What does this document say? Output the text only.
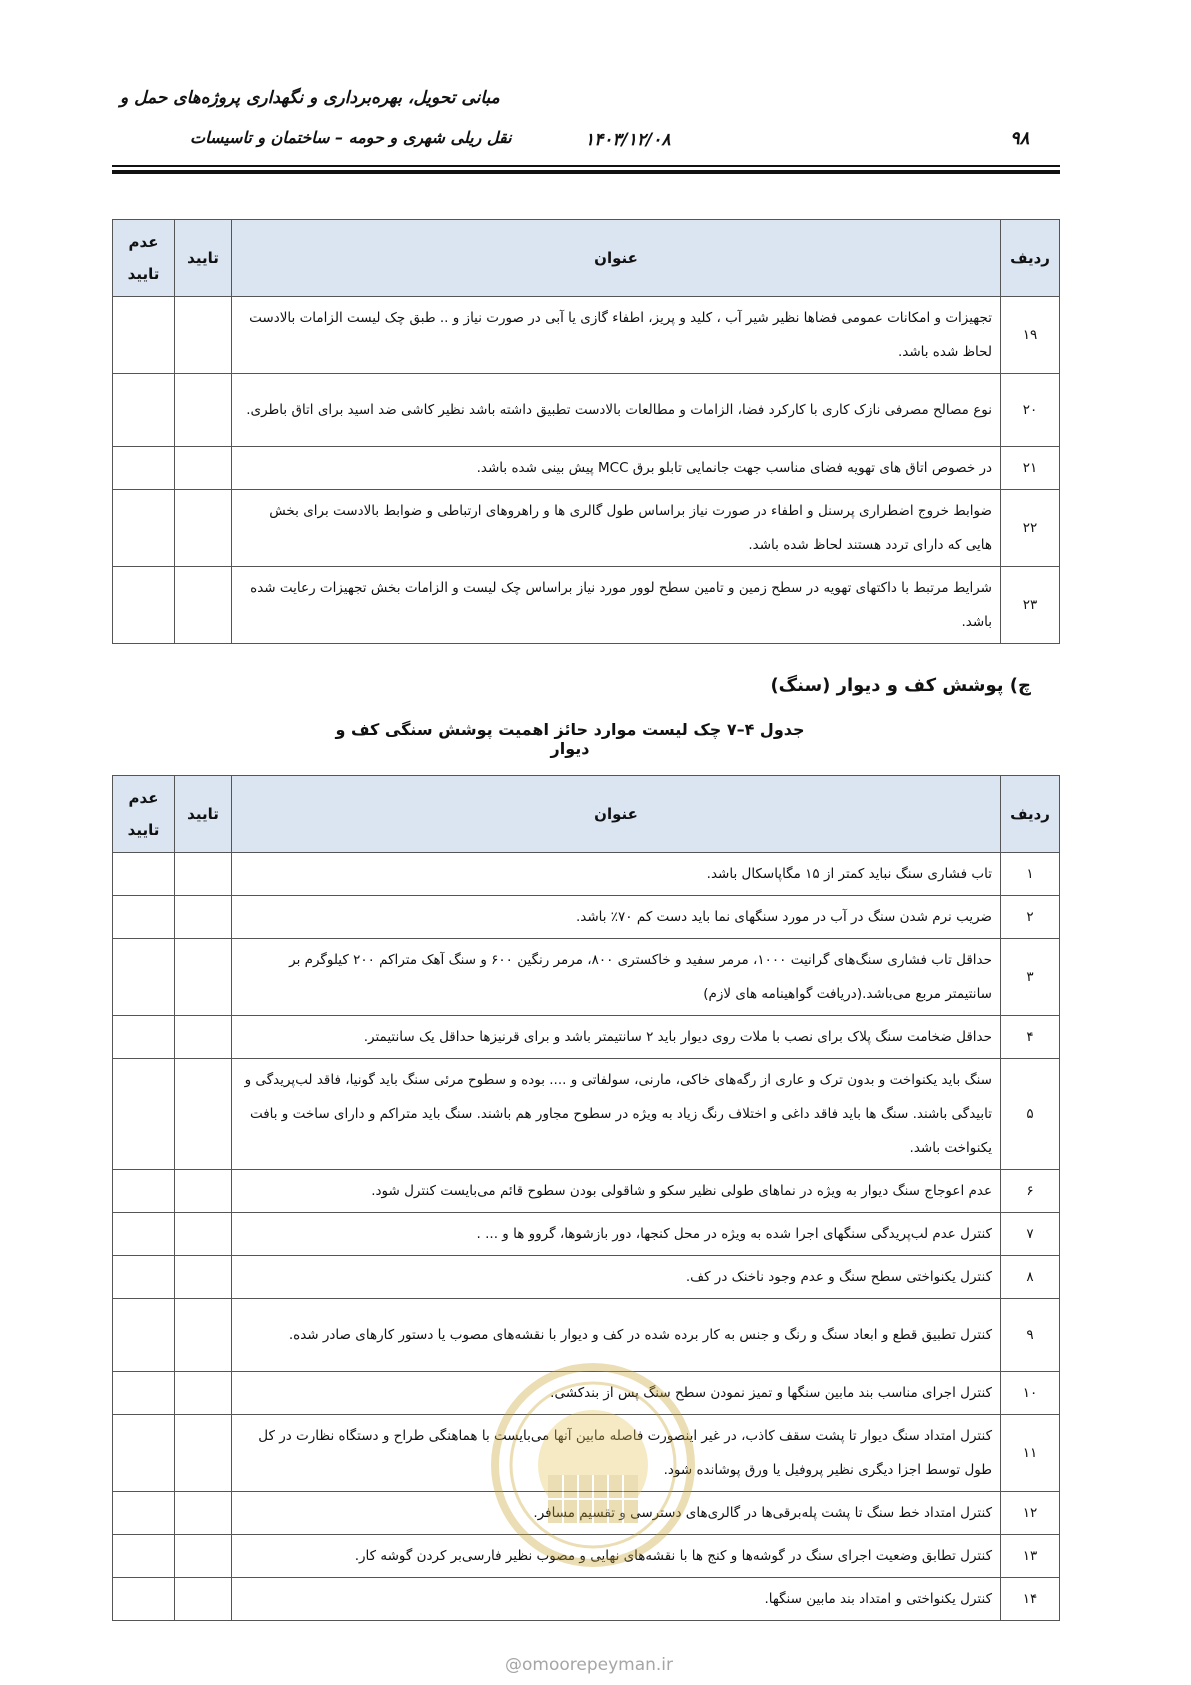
مبانی تحویل، بهره‌برداری و نگهداری پروژه‌های حمل و
نقل ریلی شهری و حومه – ساختمان و تاسیسات	۱۴۰۳/۱۲/۰۸	۹۸
ردیف	عنوان	تایید	عدم تایید
۱۹	تجهیزات و امکانات عمومی فضاها نظیر شیر آب ، کلید و پریز، اطفاء گازی یا آبی در صورت نیاز و .. طبق چک لیست الزامات بالادست لحاظ شده باشد.		
۲۰	نوع مصالح مصرفی نازک کاری با کارکرد فضا، الزامات و مطالعات بالادست تطبیق داشته باشد نظیر کاشی ضد اسید برای اتاق باطری.		
۲۱	در خصوص اتاق های تهویه فضای مناسب جهت جانمایی تابلو برق MCC پیش بینی شده باشد.		
۲۲	ضوابط خروج اضطراری پرسنل و اطفاء در صورت نیاز براساس طول گالری ها و راهروهای ارتباطی و ضوابط بالادست برای بخش هایی که دارای تردد هستند لحاظ شده باشد.		
۲۳	شرایط مرتبط با داکتهای تهویه در سطح زمین و تامین سطح لوور مورد نیاز براساس چک لیست و الزامات بخش تجهیزات رعایت شده باشد.		
چ) پوشش کف و دیوار (سنگ)
جدول ۴–۷ چک لیست موارد حائز اهمیت پوشش سنگی کف و دیوار
ردیف	عنوان	تایید	عدم تایید
۱	تاب فشاری سنگ نباید کمتر از ۱۵ مگاپاسکال باشد.		
۲	ضریب نرم شدن سنگ در آب در مورد سنگهای نما باید دست کم ۷۰٪ باشد.		
۳	حداقل تاب فشاری سنگ‌های گرانیت ۱۰۰۰، مرمر سفید و خاکستری ۸۰۰، مرمر رنگین ۶۰۰ و سنگ آهک متراکم ۲۰۰ کیلوگرم بر سانتیمتر مربع می‌باشد.(دریافت گواهینامه های لازم)		
۴	حداقل ضخامت سنگ پلاک برای نصب با ملات روی دیوار باید ۲ سانتیمتر باشد و برای قرنیزها حداقل یک سانتیمتر.		
۵	سنگ باید یکنواخت و بدون ترک و عاری از رگه‌های خاکی، مارنی، سولفاتی و .... بوده و سطوح مرئی سنگ باید گونیا، فاقد لب‌پریدگی و تابیدگی باشند. سنگ ها باید فاقد داغی و اختلاف رنگ زیاد به ویژه در سطوح مجاور هم باشند. سنگ باید متراکم و دارای ساخت و بافت یکنواخت باشد.		
۶	عدم اعوجاج سنگ دیوار به ویژه در نماهای طولی نظیر سکو و شاقولی بودن سطوح قائم می‌بایست کنترل شود.		
۷	کنترل عدم لب‌پریدگی سنگهای اجرا شده به ویژه در محل کنجها، دور بازشوها، گروو ها و ... .		
۸	کنترل یکنواختی سطح سنگ و عدم وجود ناخنک در کف.		
۹	کنترل تطبیق قطع و ابعاد سنگ و رنگ و جنس به کار برده شده در کف و دیوار با نقشه‌های مصوب یا دستور کارهای صادر شده.		
۱۰	کنترل اجرای مناسب بند مابین سنگها و تمیز نمودن سطح سنگ پس از بندکشی.		
۱۱	کنترل امتداد سنگ دیوار تا پشت سقف کاذب، در غیر اینصورت فاصله مابین آنها می‌بایست با هماهنگی طراح و دستگاه نظارت در کل طول توسط اجزا دیگری نظیر پروفیل یا ورق پوشانده شود.		
۱۲	کنترل امتداد خط سنگ تا پشت پله‌برقی‌ها در گالری‌های دسترسی و تقسیم مسافر.		
۱۳	کنترل تطابق وضعیت اجرای سنگ در گوشه‌ها و کنج ها با نقشه‌های نهایی و مصوب نظیر فارسی‌بر کردن گوشه کار.		
۱۴	کنترل یکنواختی و امتداد بند مابین سنگها.		
@omoorepeyman.ir
